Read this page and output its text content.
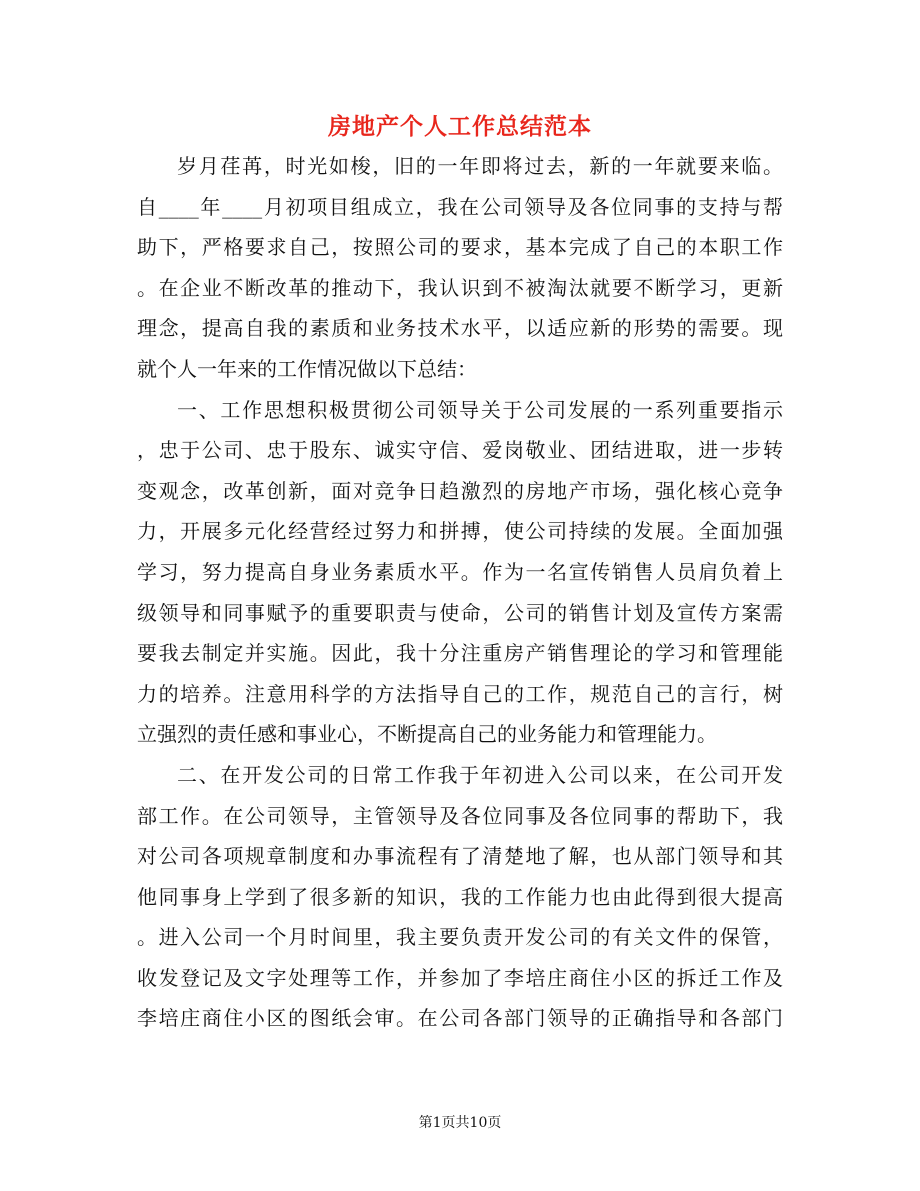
房地产个人工作总结范本
岁月荏苒，时光如梭，旧的一年即将过去，新的一年就要来临。
自____年____月初项目组成立，我在公司领导及各位同事的支持与帮
助下，严格要求自己，按照公司的要求，基本完成了自己的本职工作
。在企业不断改革的推动下，我认识到不被淘汰就要不断学习，更新
理念，提高自我的素质和业务技术水平，以适应新的形势的需要。现
就个人一年来的工作情况做以下总结：
一、工作思想积极贯彻公司领导关于公司发展的一系列重要指示
，忠于公司、忠于股东、诚实守信、爱岗敬业、团结进取，进一步转
变观念，改革创新，面对竞争日趋激烈的房地产市场，强化核心竞争
力，开展多元化经营经过努力和拼搏，使公司持续的发展。全面加强
学习，努力提高自身业务素质水平。作为一名宣传销售人员肩负着上
级领导和同事赋予的重要职责与使命，公司的销售计划及宣传方案需
要我去制定并实施。因此，我十分注重房产销售理论的学习和管理能
力的培养。注意用科学的方法指导自己的工作，规范自己的言行，树
立强烈的责任感和事业心，不断提高自己的业务能力和管理能力。
二、在开发公司的日常工作我于年初进入公司以来，在公司开发
部工作。在公司领导，主管领导及各位同事及各位同事的帮助下，我
对公司各项规章制度和办事流程有了清楚地了解，也从部门领导和其
他同事身上学到了很多新的知识，我的工作能力也由此得到很大提高
。进入公司一个月时间里，我主要负责开发公司的有关文件的保管，
收发登记及文字处理等工作，并参加了李培庄商住小区的拆迁工作及
李培庄商住小区的图纸会审。在公司各部门领导的正确指导和各部门
第1页共10页
